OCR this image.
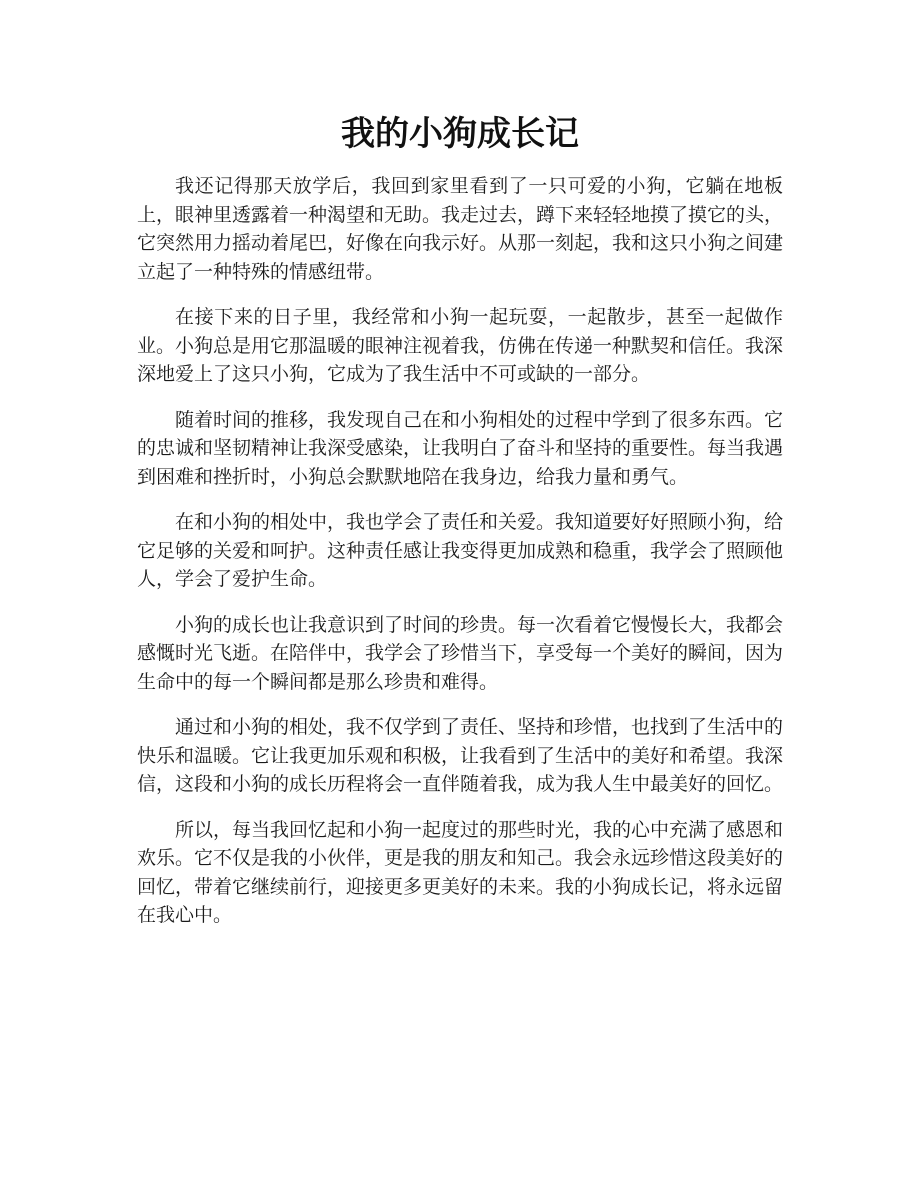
我的小狗成长记

我还记得那天放学后，我回到家里看到了一只可爱的小狗，它躺在地板上，眼神里透露着一种渴望和无助。我走过去，蹲下来轻轻地摸了摸它的头，它突然用力摇动着尾巴，好像在向我示好。从那一刻起，我和这只小狗之间建立起了一种特殊的情感纽带。

在接下来的日子里，我经常和小狗一起玩耍，一起散步，甚至一起做作业。小狗总是用它那温暖的眼神注视着我，仿佛在传递一种默契和信任。我深深地爱上了这只小狗，它成为了我生活中不可或缺的一部分。

随着时间的推移，我发现自己在和小狗相处的过程中学到了很多东西。它的忠诚和坚韧精神让我深受感染，让我明白了奋斗和坚持的重要性。每当我遇到困难和挫折时，小狗总会默默地陪在我身边，给我力量和勇气。

在和小狗的相处中，我也学会了责任和关爱。我知道要好好照顾小狗，给它足够的关爱和呵护。这种责任感让我变得更加成熟和稳重，我学会了照顾他人，学会了爱护生命。

小狗的成长也让我意识到了时间的珍贵。每一次看着它慢慢长大，我都会感慨时光飞逝。在陪伴中，我学会了珍惜当下，享受每一个美好的瞬间，因为生命中的每一个瞬间都是那么珍贵和难得。

通过和小狗的相处，我不仅学到了责任、坚持和珍惜，也找到了生活中的快乐和温暖。它让我更加乐观和积极，让我看到了生活中的美好和希望。我深信，这段和小狗的成长历程将会一直伴随着我，成为我人生中最美好的回忆。

所以，每当我回忆起和小狗一起度过的那些时光，我的心中充满了感恩和欢乐。它不仅是我的小伙伴，更是我的朋友和知己。我会永远珍惜这段美好的回忆，带着它继续前行，迎接更多更美好的未来。我的小狗成长记，将永远留在我心中。
